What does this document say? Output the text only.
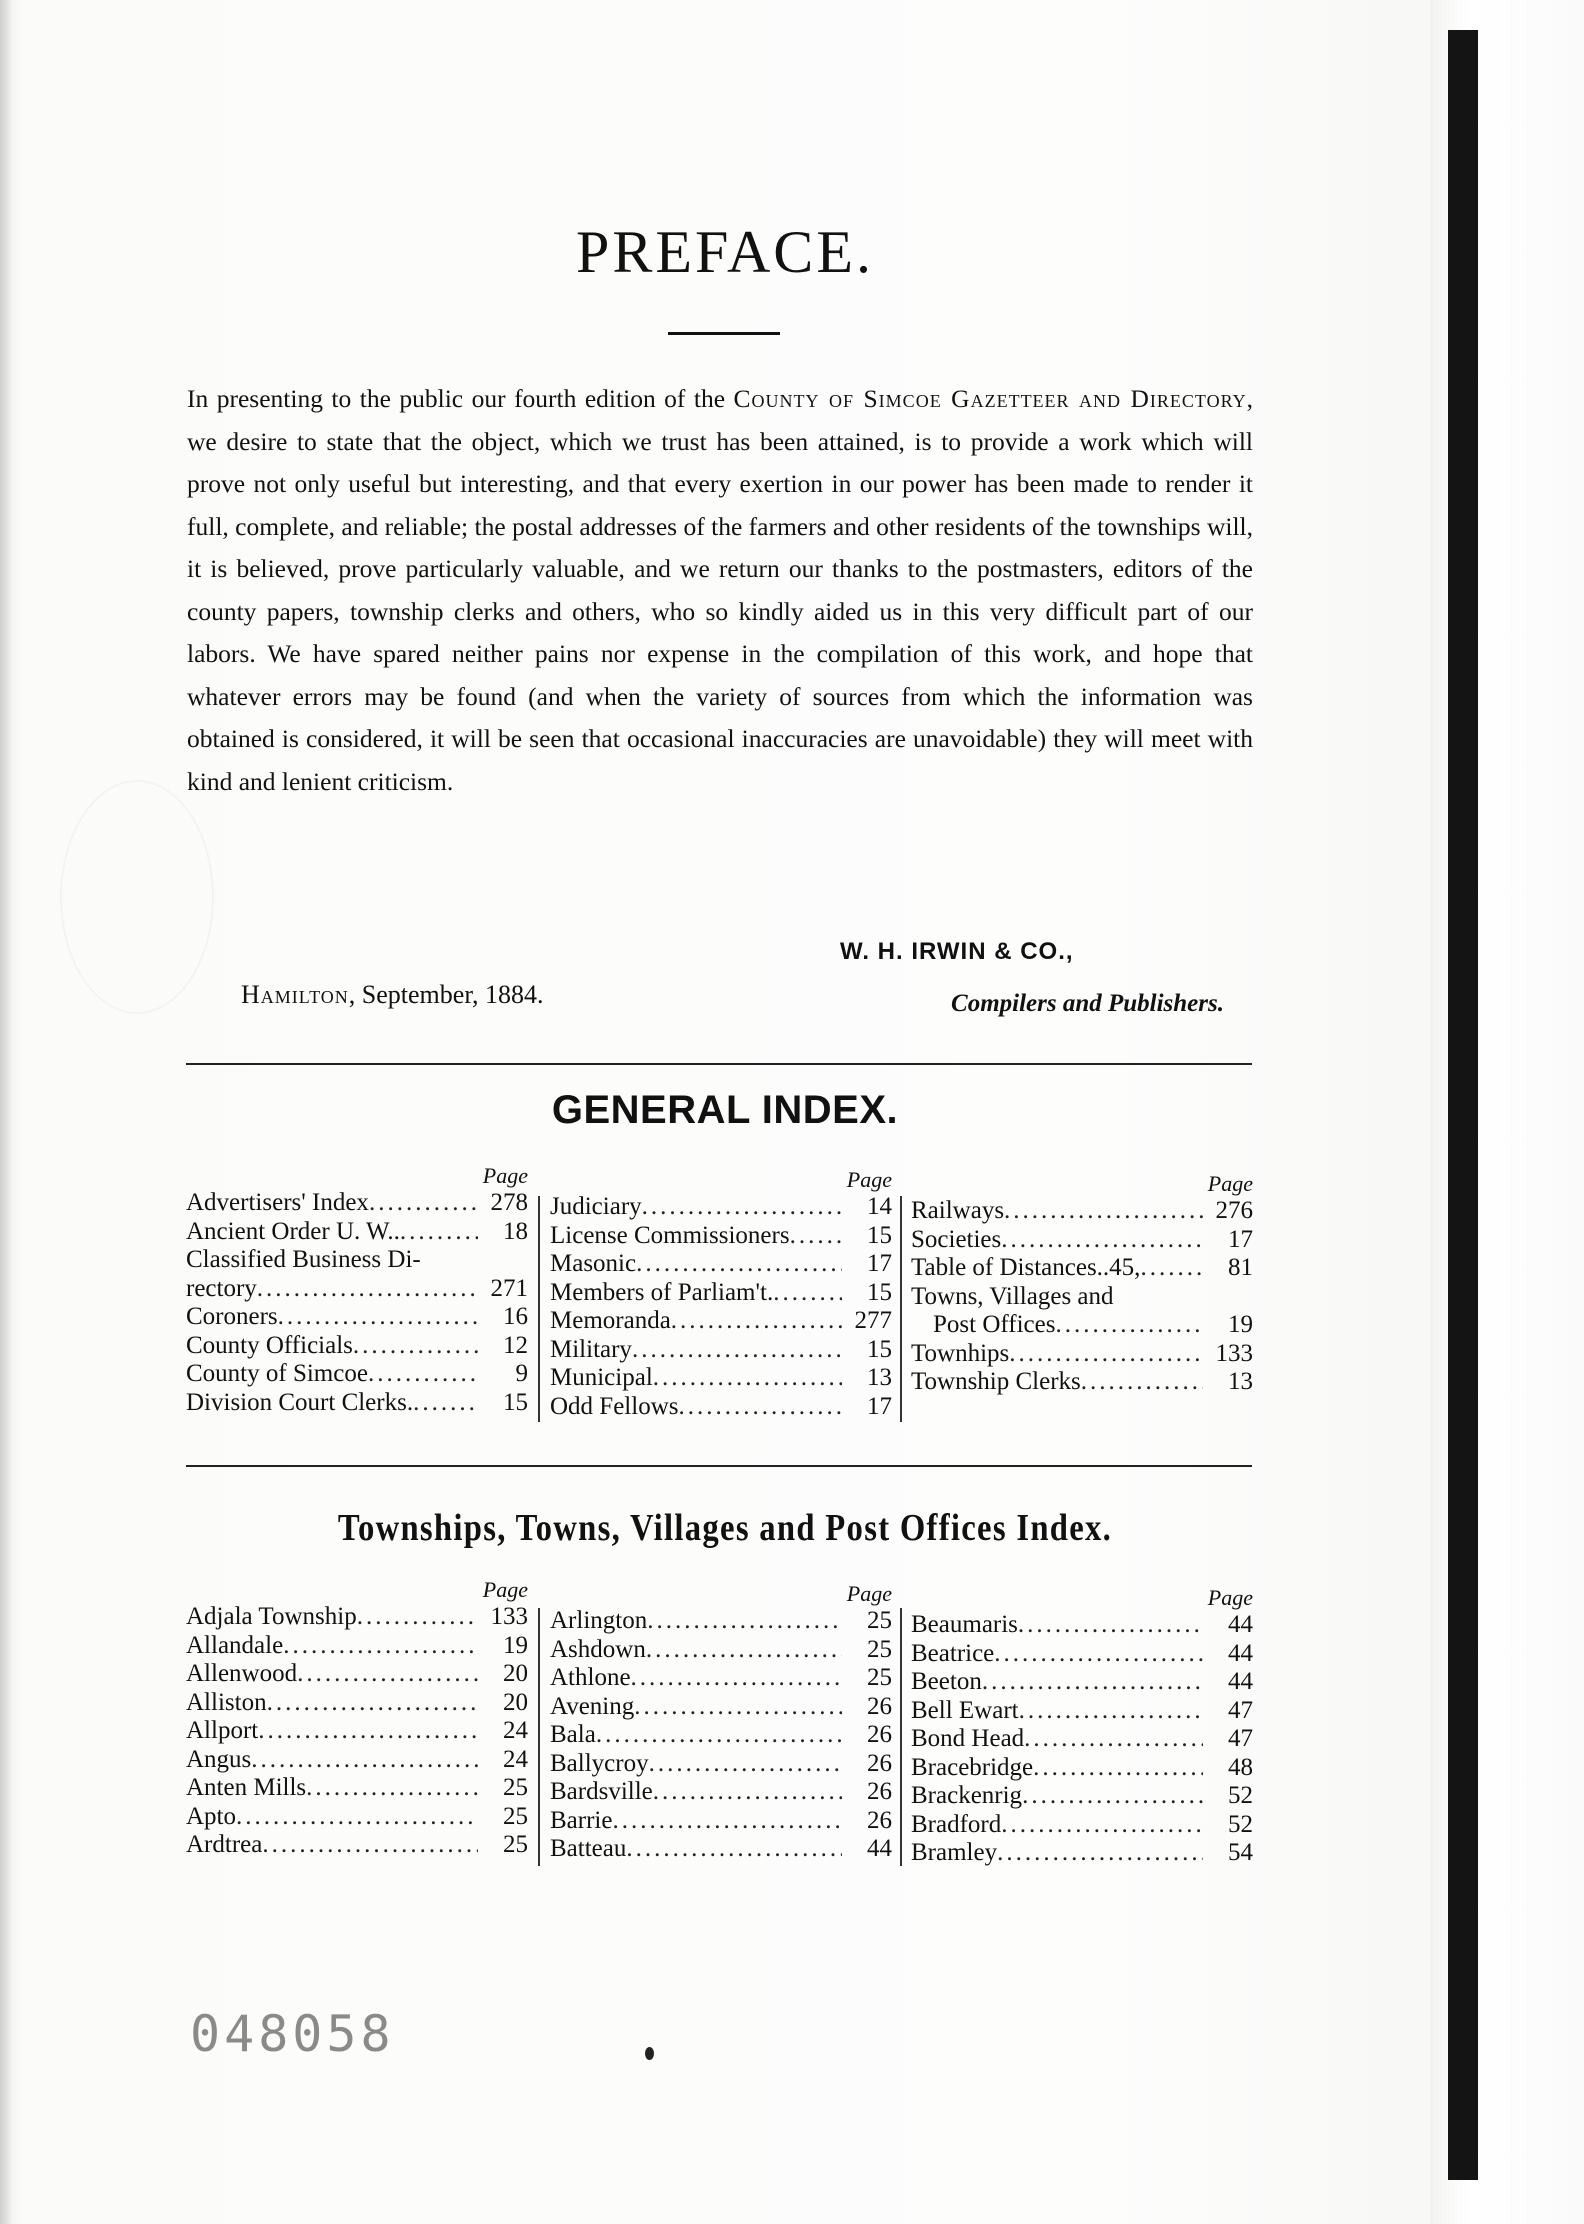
PREFACE.
In presenting to the public our fourth edition of the County of Simcoe Gazetteer and Directory, we desire to state that the object, which we trust has been attained, is to provide a work which will prove not only useful but interesting, and that every exertion in our power has been made to render it full, complete, and reliable; the postal addresses of the farmers and other residents of the townships will, it is believed, prove particularly valuable, and we return our thanks to the postmasters, editors of the county papers, township clerks and others, who so kindly aided us in this very difficult part of our labors. We have spared neither pains nor expense in the compilation of this work, and hope that whatever errors may be found (and when the variety of sources from which the information was obtained is considered, it will be seen that occasional inaccuracies are unavoidable) they will meet with kind and lenient criticism.
W. H. IRWIN & CO.,
Hamilton, September, 1884.	Compilers and Publishers.
GENERAL INDEX.
Page
Advertisers' Index .....	278
Ancient Order U. W.. .....	18
Classified Business Di-
rectory .....	271
Coroners .....	16
County Officials .....	12
County of Simcoe .....	9
Division Court Clerks. .....	15
Page
Judiciary .....	14
License Commissioners .....	15
Masonic .....	17
Members of Parliam't. .....	15
Memoranda .....	277
Military .....	15
Municipal .....	13
Odd Fellows .....	17
Page
Railways .....	276
Societies .....	17
Table of Distances..45, .....	81
Towns, Villages and
Post Offices .....	19
Townhips .....	133
Township Clerks .....	13
Townships, Towns, Villages and Post Offices Index.
Page
Adjala Township .....	133
Allandale .....	19
Allenwood .....	20
Alliston .....	20
Allport .....	24
Angus .....	24
Anten Mills .....	25
Apto .....	25
Ardtrea .....	25
Page
Arlington .....	25
Ashdown .....	25
Athlone .....	25
Avening .....	26
Bala .....	26
Ballycroy .....	26
Bardsville .....	26
Barrie .....	26
Batteau .....	44
Page
Beaumaris .....	44
Beatrice .....	44
Beeton .....	44
Bell Ewart .....	47
Bond Head .....	47
Bracebridge .....	48
Brackenrig .....	52
Bradford .....	52
Bramley .....	54
048058
